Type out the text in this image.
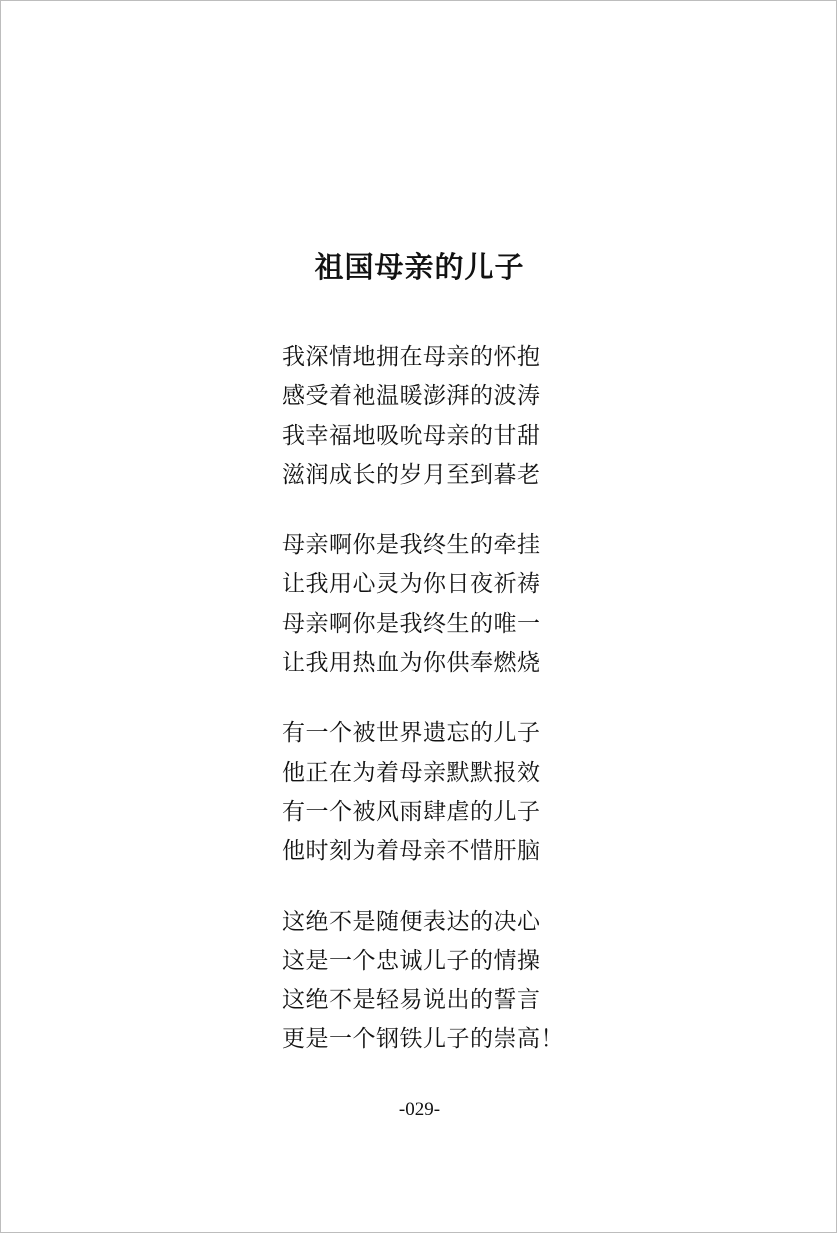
祖国母亲的儿子
我深情地拥在母亲的怀抱
感受着祂温暖澎湃的波涛
我幸福地吸吮母亲的甘甜
滋润成长的岁月至到暮老
母亲啊你是我终生的牵挂
让我用心灵为你日夜祈祷
母亲啊你是我终生的唯一
让我用热血为你供奉燃烧
有一个被世界遗忘的儿子
他正在为着母亲默默报效
有一个被风雨肆虐的儿子
他时刻为着母亲不惜肝脑
这绝不是随便表达的决心
这是一个忠诚儿子的情操
这绝不是轻易说出的誓言
更是一个钢铁儿子的崇高！
-029-
